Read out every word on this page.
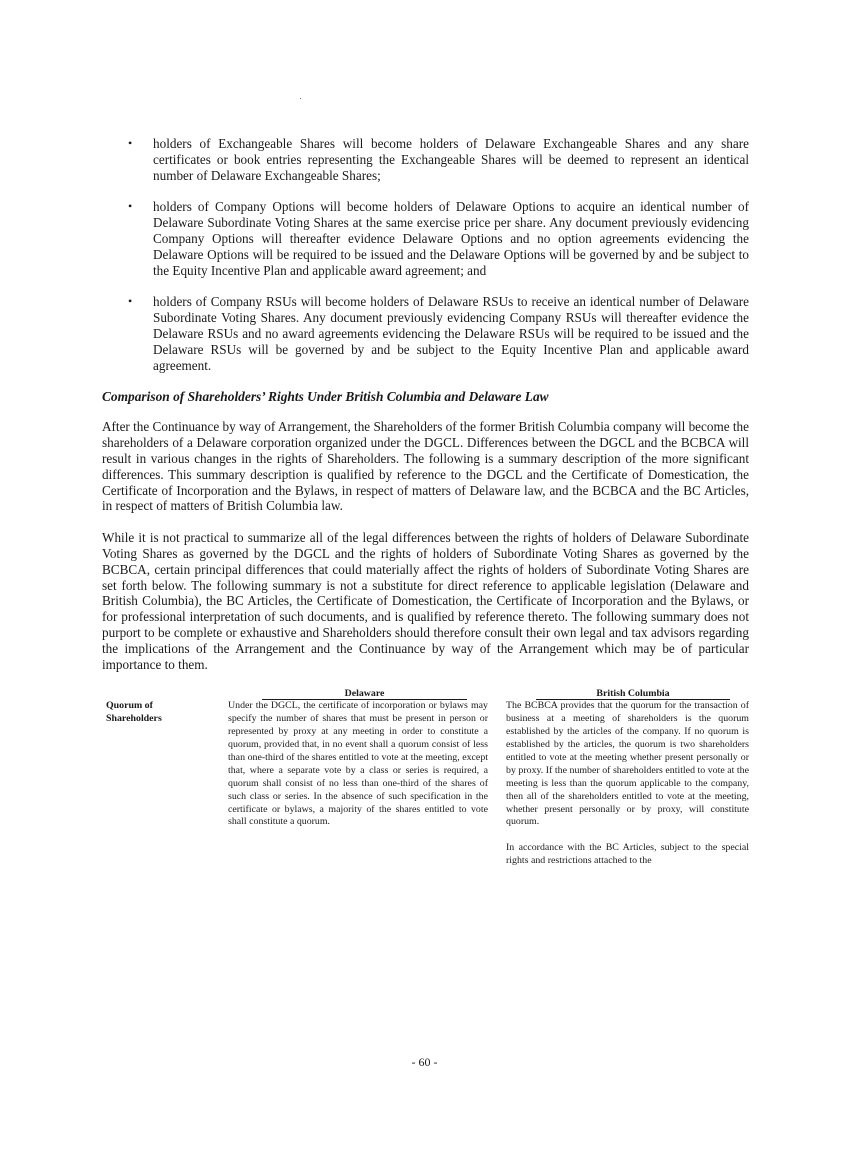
• holders of Exchangeable Shares will become holders of Delaware Exchangeable Shares and any share certificates or book entries representing the Exchangeable Shares will be deemed to represent an identical number of Delaware Exchangeable Shares;
• holders of Company Options will become holders of Delaware Options to acquire an identical number of Delaware Subordinate Voting Shares at the same exercise price per share. Any document previously evidencing Company Options will thereafter evidence Delaware Options and no option agreements evidencing the Delaware Options will be required to be issued and the Delaware Options will be governed by and be subject to the Equity Incentive Plan and applicable award agreement; and
• holders of Company RSUs will become holders of Delaware RSUs to receive an identical number of Delaware Subordinate Voting Shares. Any document previously evidencing Company RSUs will thereafter evidence the Delaware RSUs and no award agreements evidencing the Delaware RSUs will be required to be issued and the Delaware RSUs will be governed by and be subject to the Equity Incentive Plan and applicable award agreement.
Comparison of Shareholders’ Rights Under British Columbia and Delaware Law

After the Continuance by way of Arrangement, the Shareholders of the former British Columbia company will become the shareholders of a Delaware corporation organized under the DGCL. Differences between the DGCL and the BCBCA will result in various changes in the rights of Shareholders. The following is a summary description of the more significant differences. This summary description is qualified by reference to the DGCL and the Certificate of Domestication, the Certificate of Incorporation and the Bylaws, in respect of matters of Delaware law, and the BCBCA and the BC Articles, in respect of matters of British Columbia law.

While it is not practical to summarize all of the legal differences between the rights of holders of Delaware Subordinate Voting Shares as governed by the DGCL and the rights of holders of Subordinate Voting Shares as governed by the BCBCA, certain principal differences that could materially affect the rights of holders of Subordinate Voting Shares are set forth below. The following summary is not a substitute for direct reference to applicable legislation (Delaware and British Columbia), the BC Articles, the Certificate of Domestication, the Certificate of Incorporation and the Bylaws, or for professional interpretation of such documents, and is qualified by reference thereto. The following summary does not purport to be complete or exhaustive and Shareholders should therefore consult their own legal and tax advisors regarding the implications of the Arrangement and the Continuance by way of the Arrangement which may be of particular importance to them.

Delaware	British Columbia
Quorum of
Shareholders
Under the DGCL, the certificate of incorporation or bylaws may specify the number of shares that must be present in person or represented by proxy at any meeting in order to constitute a quorum, provided that, in no event shall a quorum consist of less than one-third of the shares entitled to vote at the meeting, except that, where a separate vote by a class or series is required, a quorum shall consist of no less than one-third of the shares of such class or series. In the absence of such specification in the certificate or bylaws, a majority of the shares entitled to vote shall constitute a quorum.
The BCBCA provides that the quorum for the transaction of business at a meeting of shareholders is the quorum established by the articles of the company. If no quorum is established by the articles, the quorum is two shareholders entitled to vote at the meeting whether present personally or by proxy. If the number of shareholders entitled to vote at the meeting is less than the quorum applicable to the company, then all of the shareholders entitled to vote at the meeting, whether present personally or by proxy, will constitute quorum.
In accordance with the BC Articles, subject to the special rights and restrictions attached to the
- 60 -
